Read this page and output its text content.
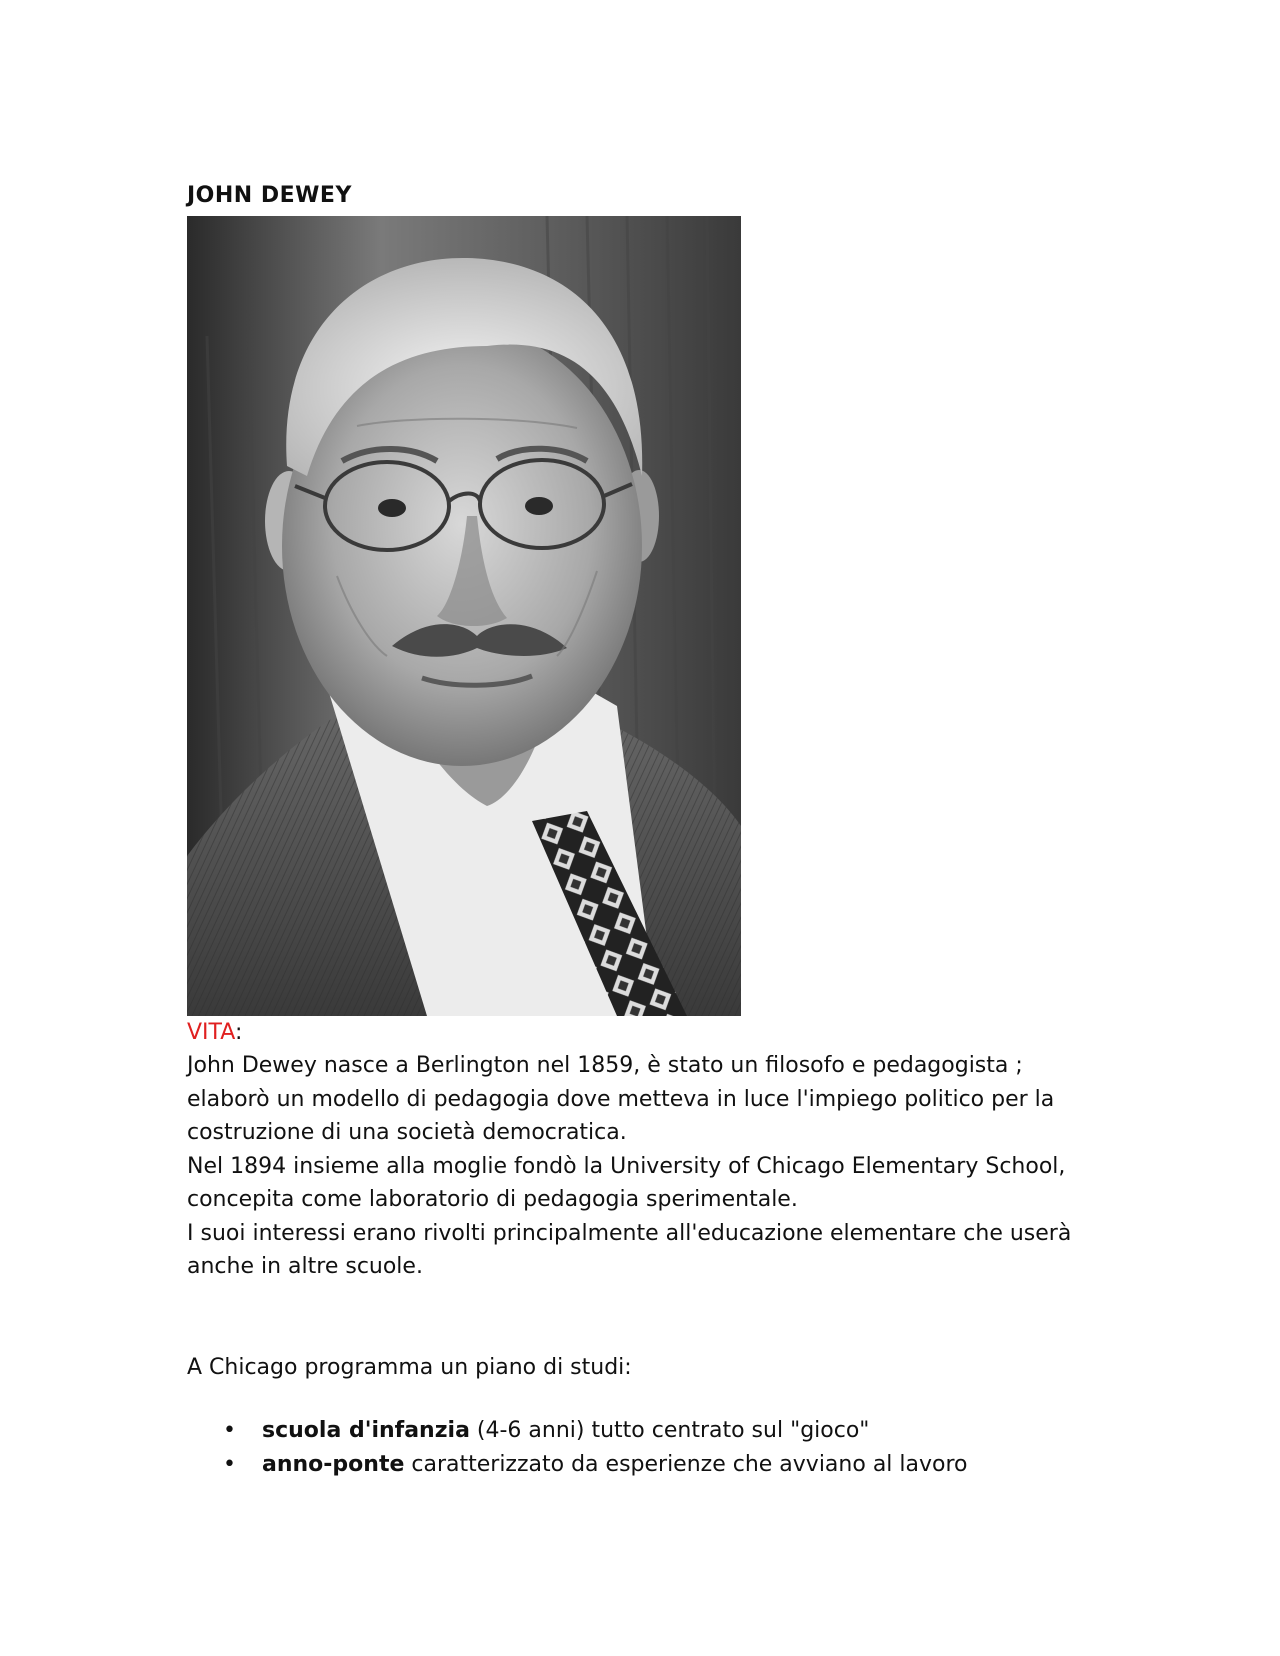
JOHN DEWEY

VITA:

John Dewey nasce a Berlington nel 1859, è stato un filosofo e pedagogista ; elaborò un modello di pedagogia dove metteva in luce l'impiego politico per la costruzione di una società democratica.

Nel 1894 insieme alla moglie fondò la University of Chicago Elementary School, concepita come laboratorio di pedagogia sperimentale.

I suoi interessi erano rivolti principalmente all'educazione elementare che userà anche in altre scuole.

A Chicago programma un piano di studi:

• scuola d'infanzia (4-6 anni) tutto centrato sul "gioco"
• anno-ponte caratterizzato da esperienze che avviano al lavoro
